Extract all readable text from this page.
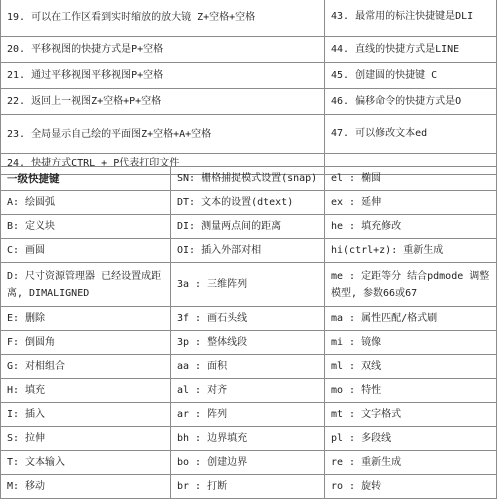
19. 可以在工作区看到实时缩放的放大镜 Z+空格+空格	43. 最常用的标注快捷键是DLI
20. 平移视图的快捷方式是P+空格	44. 直线的快捷方式是LINE
21. 通过平移视图平移视图P+空格	45. 创建圆的快捷键 C
22. 返回上一视图Z+空格+P+空格	46. 偏移命令的快捷方式是O
23. 全局显示自己绘的平面图Z+空格+A+空格	47. 可以修改文本ed
24. 快捷方式CTRL + P代表打印文件	
一级快捷键	SN: 栅格捕捉模式设置(snap)	el : 椭圆
A: 绘圆弧	DT: 文本的设置(dtext)	ex : 延伸
B: 定义块	DI: 测量两点间的距离	he : 填充修改
C: 画圆	OI: 插入外部对相	hi(ctrl+z): 重新生成
D: 尺寸资源管理器 已经设置成距离, DIMALIGNED	3a : 三维阵列	me : 定距等分 结合pdmode 调整模型, 参数66或67
E: 删除	3f : 画石头线	ma : 属性匹配/格式刷
F: 倒圆角	3p : 整体线段	mi : 镜像
G: 对相组合	aa : 面积	ml : 双线
H: 填充	al : 对齐	mo : 特性
I: 插入	ar : 阵列	mt : 文字格式
S: 拉伸	bh : 边界填充	pl : 多段线
T: 文本输入	bo : 创建边界	re : 重新生成
M: 移动	br : 打断	ro : 旋转
